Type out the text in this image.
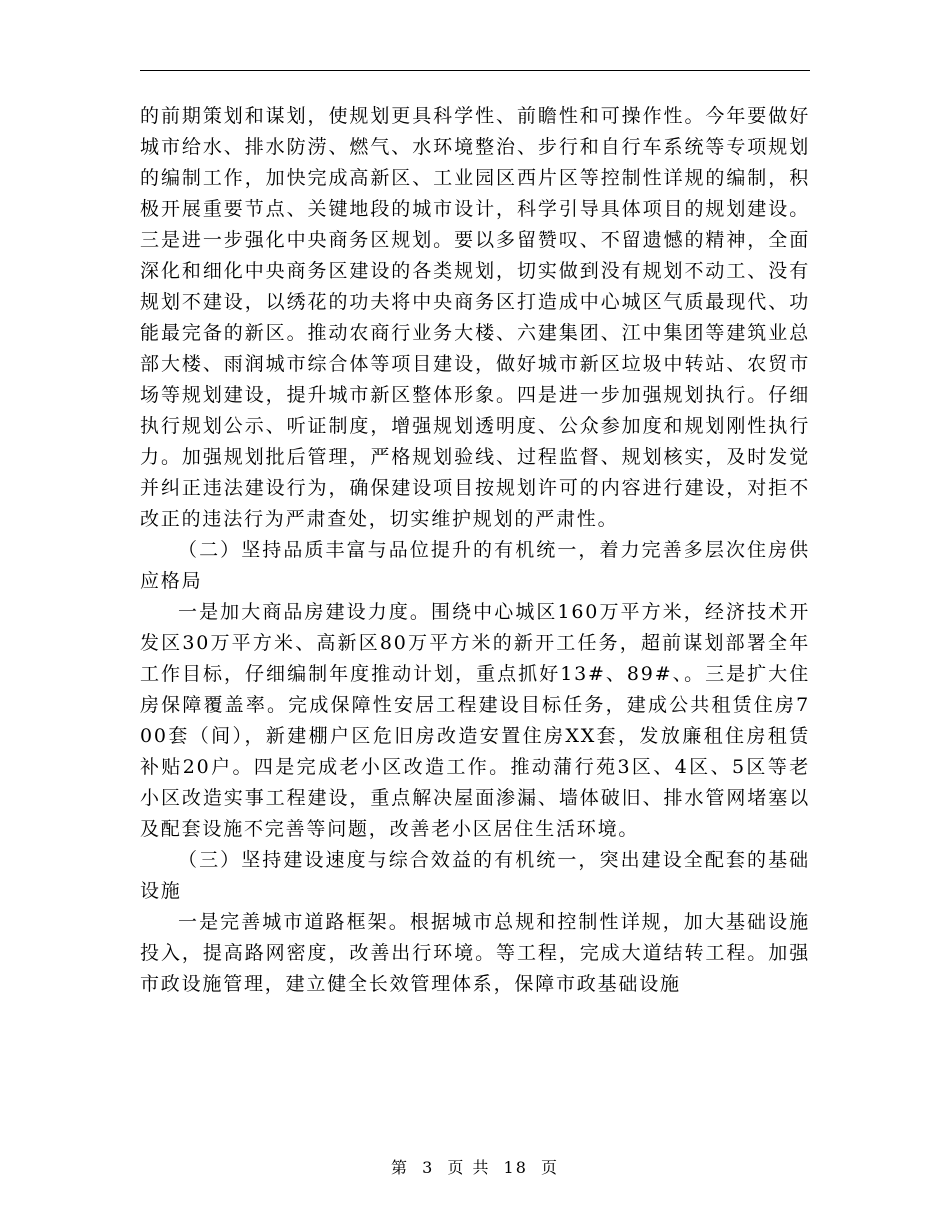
的前期策划和谋划，使规划更具科学性、前瞻性和可操作性。今年要做好城市给水、排水防涝、燃气、水环境整治、步行和自行车系统等专项规划的编制工作，加快完成高新区、工业园区西片区等控制性详规的编制，积极开展重要节点、关键地段的城市设计，科学引导具体项目的规划建设。三是进一步强化中央商务区规划。要以多留赞叹、不留遗憾的精神，全面深化和细化中央商务区建设的各类规划，切实做到没有规划不动工、没有规划不建设，以绣花的功夫将中央商务区打造成中心城区气质最现代、功能最完备的新区。推动农商行业务大楼、六建集团、江中集团等建筑业总部大楼、雨润城市综合体等项目建设，做好城市新区垃圾中转站、农贸市场等规划建设，提升城市新区整体形象。四是进一步加强规划执行。仔细执行规划公示、听证制度，增强规划透明度、公众参加度和规划刚性执行力。加强规划批后管理，严格规划验线、过程监督、规划核实，及时发觉并纠正违法建设行为，确保建设项目按规划许可的内容进行建设，对拒不改正的违法行为严肃查处，切实维护规划的严肃性。

（二）坚持品质丰富与品位提升的有机统一，着力完善多层次住房供应格局

一是加大商品房建设力度。围绕中心城区160万平方米，经济技术开发区30万平方米、高新区80万平方米的新开工任务，超前谋划部署全年工作目标，仔细编制年度推动计划，重点抓好13#、89#、。三是扩大住房保障覆盖率。完成保障性安居工程建设目标任务，建成公共租赁住房700套（间），新建棚户区危旧房改造安置住房XX套，发放廉租住房租赁补贴20户。四是完成老小区改造工作。推动蒲行苑3区、4区、5区等老小区改造实事工程建设，重点解决屋面渗漏、墙体破旧、排水管网堵塞以及配套设施不完善等问题，改善老小区居住生活环境。

（三）坚持建设速度与综合效益的有机统一，突出建设全配套的基础设施

一是完善城市道路框架。根据城市总规和控制性详规，加大基础设施投入，提高路网密度，改善出行环境。等工程，完成大道结转工程。加强市政设施管理，建立健全长效管理体系，保障市政基础设施

第 3 页 共 18 页
